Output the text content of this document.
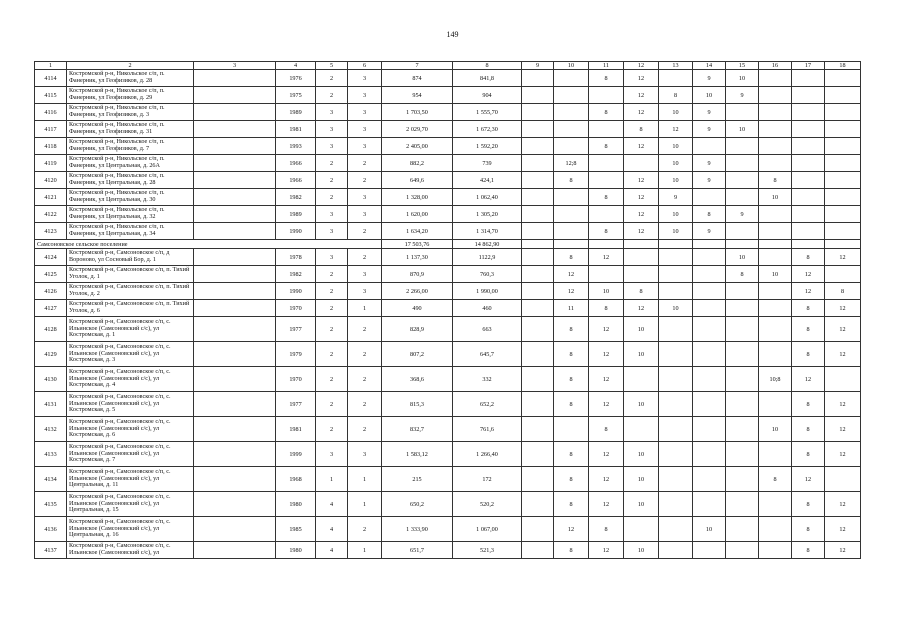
149
1	2	3	4	5	6	7	8	9	10	11	12	13	14	15	16	17	18
4114	Костромской р-н, Никольское с/п, п. Фанерник, ул Геофизиков, д. 28		1976	2	3	874	841,8			8	12		9	10			
4115	Костромской р-н, Никольское с/п, п. Фанерник, ул Геофизиков, д. 29		1975	2	3	954	904				12	8	10	9			
4116	Костромской р-н, Никольское с/п, п. Фанерник, ул Геофизиков, д. 3		1989	3	3	1 703,50	1 555,70			8	12	10	9				
4117	Костромской р-н, Никольское с/п, п. Фанерник, ул Геофизиков, д. 31		1981	3	3	2 029,70	1 672,30				8	12	9	10			
4118	Костромской р-н, Никольское с/п, п. Фанерник, ул Геофизиков, д. 7		1993	3	3	2 405,00	1 592,20			8	12	10					
4119	Костромской р-н, Никольское с/п, п. Фанерник, ул Центральная, д. 26А		1966	2	2	882,2	739		12;8			10	9				
4120	Костромской р-н, Никольское с/п, п. Фанерник, ул Центральная, д. 28		1966	2	2	649,6	424,1		8		12	10	9		8		
4121	Костромской р-н, Никольское с/п, п. Фанерник, ул Центральная, д. 30		1982	2	3	1 328,00	1 062,40			8	12	9			10		
4122	Костромской р-н, Никольское с/п, п. Фанерник, ул Центральная, д. 32		1989	3	3	1 620,00	1 305,20				12	10	8	9			
4123	Костромской р-н, Никольское с/п, п. Фанерник, ул Центральная, д. 34		1990	3	2	1 634,20	1 314,70			8	12	10	9				
Самсоновское сельское поселение						17 503,76	14 862,90										
4124	Костромской р-н, Самсоновское с/п, д Вороново, ул Сосновый Бор, д. 1		1978	3	2	1 137,30	1122,9		8	12				10		8	12
4125	Костромской р-н, Самсоновское с/п, п. Тихий Уголок, д. 1		1982	2	3	870,9	760,3		12					8	10	12	
4126	Костромской р-н, Самсоновское с/п, п. Тихий Уголок, д. 2		1990	2	3	2 266,00	1 990,00		12	10	8					12	8
4127	Костромской р-н, Самсоновское с/п, п. Тихий Уголок, д. 6		1970	2	1	490	460		11	8	12	10				8	12
4128	Костромской р-н, Самсоновское с/п, с. Ильинское (Самсоновский с/с), ул Костромская, д. 1		1977	2	2	828,9	663		8	12	10					8	12
4129	Костромской р-н, Самсоновское с/п, с. Ильинское (Самсоновский с/с), ул Костромская, д. 3		1979	2	2	807,2	645,7		8	12	10					8	12
4130	Костромской р-н, Самсоновское с/п, с. Ильинское (Самсоновский с/с), ул Костромская, д. 4		1970	2	2	368,6	332		8	12					10;8	12	
4131	Костромской р-н, Самсоновское с/п, с. Ильинское (Самсоновский с/с), ул Костромская, д. 5		1977	2	2	815,3	652,2		8	12	10					8	12
4132	Костромской р-н, Самсоновское с/п, с. Ильинское (Самсоновский с/с), ул Костромская, д. 6		1981	2	2	832,7	761,6			8					10	8	12
4133	Костромской р-н, Самсоновское с/п, с. Ильинское (Самсоновский с/с), ул Костромская, д. 7		1999	3	3	1 583,12	1 266,40		8	12	10					8	12
4134	Костромской р-н, Самсоновское с/п, с. Ильинское (Самсоновский с/с), ул Центральная, д. 11		1968	1	1	215	172		8	12	10				8	12	
4135	Костромской р-н, Самсоновское с/п, с. Ильинское (Самсоновский с/с), ул Центральная, д. 15		1980	4	1	650,2	520,2		8	12	10					8	12
4136	Костромской р-н, Самсоновское с/п, с. Ильинское (Самсоновский с/с), ул Центральная, д. 16		1985	4	2	1 333,90	1 067,00		12	8			10			8	12
4137	Костромской р-н, Самсоновское с/п, с. Ильинское (Самсоновский с/с), ул		1980	4	1	651,7	521,3		8	12	10					8	12
